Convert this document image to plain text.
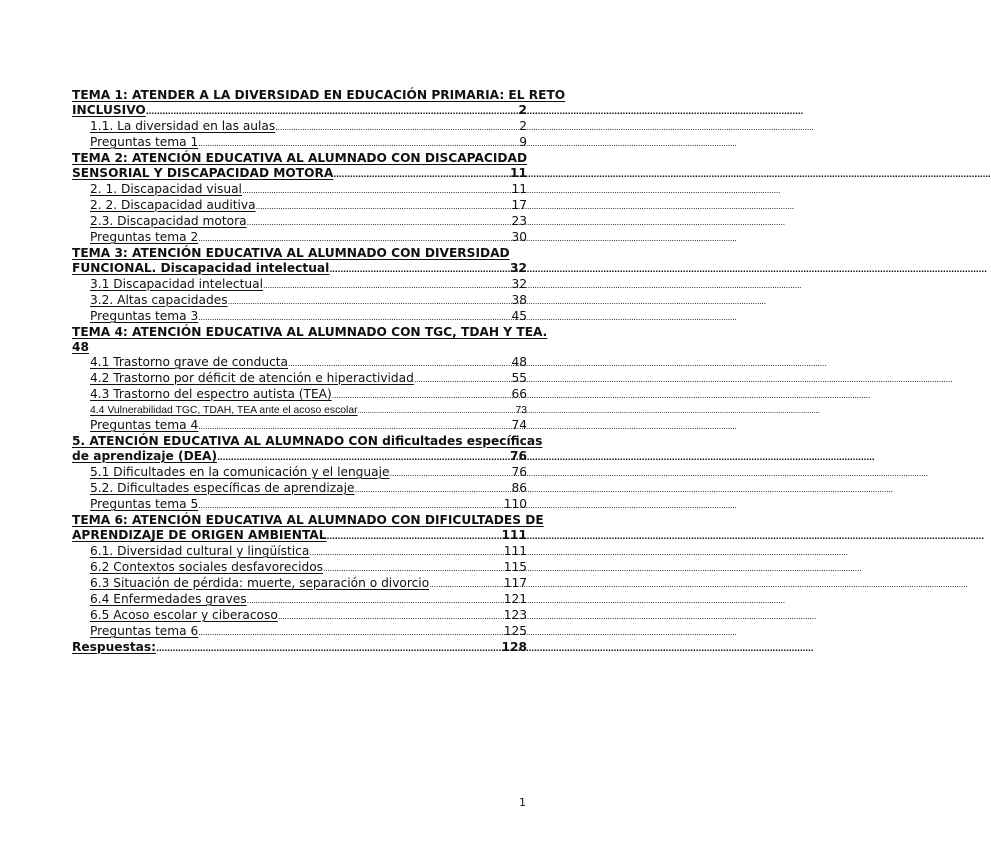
TEMA 1: ATENDER A LA DIVERSIDAD EN EDUCACIÓN PRIMARIA: EL RETO
INCLUSIVO .....	2
1.1. La diversidad en las aulas .....	2
Preguntas tema 1 .....	9
TEMA 2: ATENCIÓN EDUCATIVA AL ALUMNADO CON DISCAPACIDAD
SENSORIAL Y DISCAPACIDAD MOTORA .....	11
2. 1. Discapacidad visual .....	11
2. 2. Discapacidad auditiva .....	17
2.3. Discapacidad motora .....	23
Preguntas tema 2 .....	30
TEMA 3: ATENCIÓN EDUCATIVA AL ALUMNADO CON DIVERSIDAD
FUNCIONAL. Discapacidad intelectual .....	32
3.1 Discapacidad intelectual .....	32
3.2. Altas capacidades .....	38
Preguntas tema 3 .....	45
TEMA 4: ATENCIÓN EDUCATIVA AL ALUMNADO CON TGC, TDAH Y TEA.
48
4.1 Trastorno grave de conducta .....	48
4.2 Trastorno por déficit de atención e hiperactividad .....	55
4.3 Trastorno del espectro autista (TEA) .....	66
4.4 Vulnerabilidad TGC, TDAH, TEA ante el acoso escolar .....	73
Preguntas tema 4 .....	74
5. ATENCIÓN EDUCATIVA AL ALUMNADO CON dificultades específicas
de aprendizaje (DEA) .....	76
5.1 Dificultades en la comunicación y el lenguaje .....	76
5.2. Dificultades específicas de aprendizaje .....	86
Preguntas tema 5 .....	110
TEMA 6: ATENCIÓN EDUCATIVA AL ALUMNADO CON DIFICULTADES DE
APRENDIZAJE DE ORIGEN AMBIENTAL .....	111
6.1. Diversidad cultural y lingüística .....	111
6.2 Contextos sociales desfavorecidos .....	115
6.3 Situación de pérdida: muerte, separación o divorcio .....	117
6.4 Enfermedades graves .....	121
6.5 Acoso escolar y ciberacoso .....	123
Preguntas tema 6 .....	125
Respuestas: .....	128
1
